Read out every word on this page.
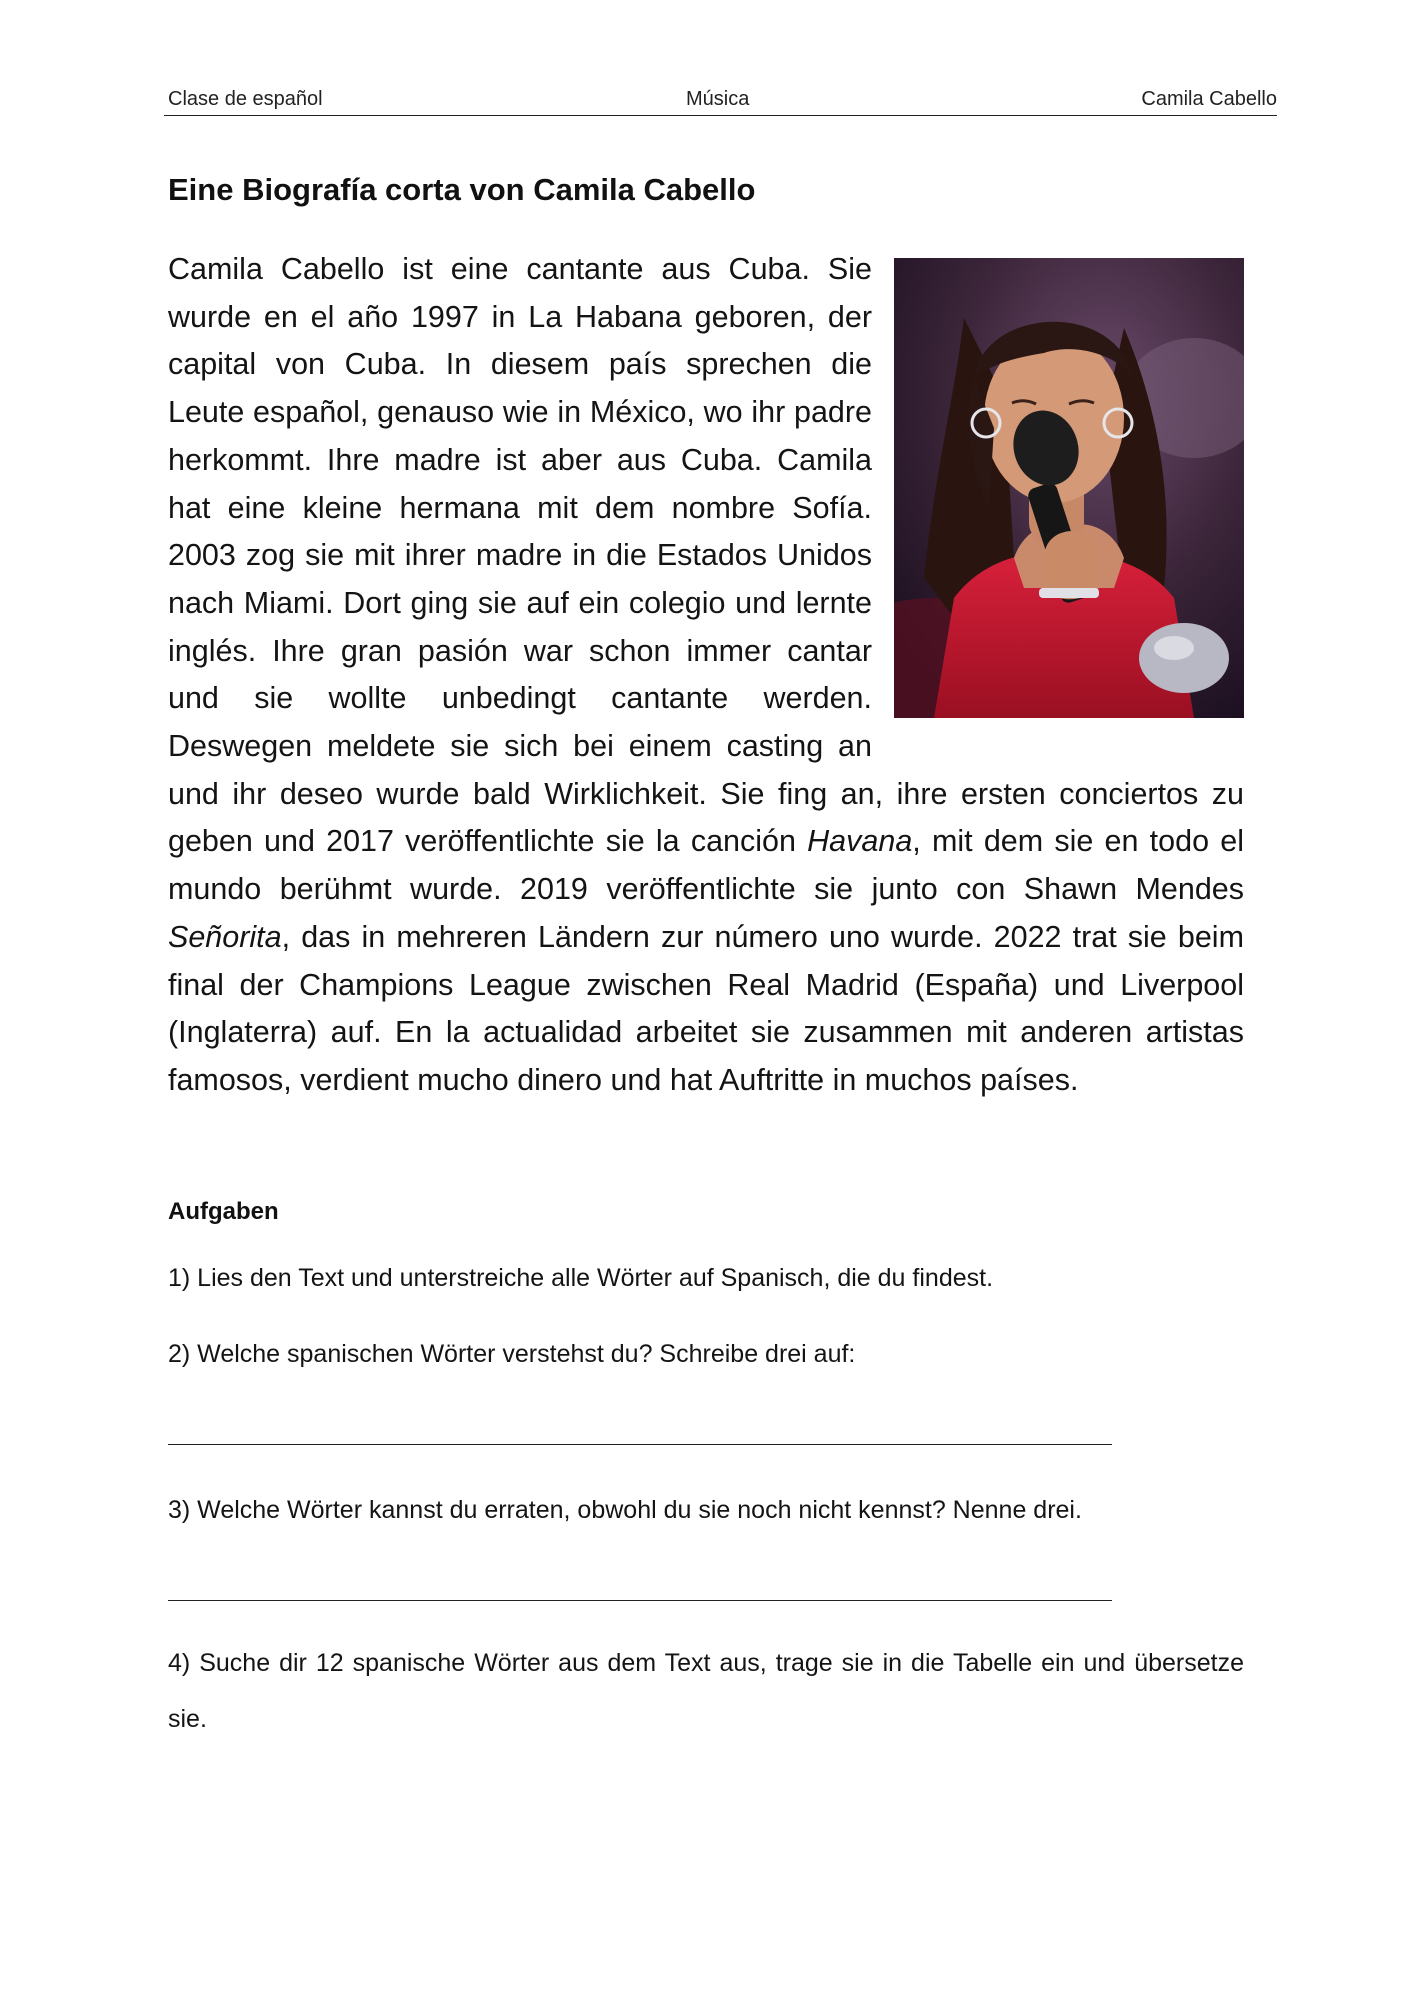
Clase de español	Música	Camila Cabello
Eine Biografía corta von Camila Cabello
Camila Cabello ist eine cantante aus Cuba. Sie wurde en el año 1997 in La Habana geboren, der capital von Cuba. In diesem país sprechen die Leute español, genauso wie in México, wo ihr padre herkommt. Ihre madre ist aber aus Cuba. Camila hat eine kleine hermana mit dem nombre Sofía. 2003 zog sie mit ihrer madre in die Estados Unidos nach Miami. Dort ging sie auf ein colegio und lernte inglés. Ihre gran pasión war schon immer cantar und sie wollte unbedingt cantante werden. Deswegen meldete sie sich bei einem casting an und ihr deseo wurde bald Wirklichkeit. Sie fing an, ihre ersten conciertos zu geben und 2017 veröffentlichte sie la canción Havana, mit dem sie en todo el mundo berühmt wurde. 2019 veröffentlichte sie junto con Shawn Mendes Señorita, das in mehreren Ländern zur número uno wurde. 2022 trat sie beim final der Champions League zwischen Real Madrid (España) und Liverpool (Inglaterra) auf. En la actualidad arbeitet sie zusammen mit anderen artistas famosos, verdient mucho dinero und hat Auftritte in muchos países.
Aufgaben
1) Lies den Text und unterstreiche alle Wörter auf Spanisch, die du findest.
2) Welche spanischen Wörter verstehst du? Schreibe drei auf:
3) Welche Wörter kannst du erraten, obwohl du sie noch nicht kennst? Nenne drei.
4) Suche dir 12 spanische Wörter aus dem Text aus, trage sie in die Tabelle ein und übersetze sie.
